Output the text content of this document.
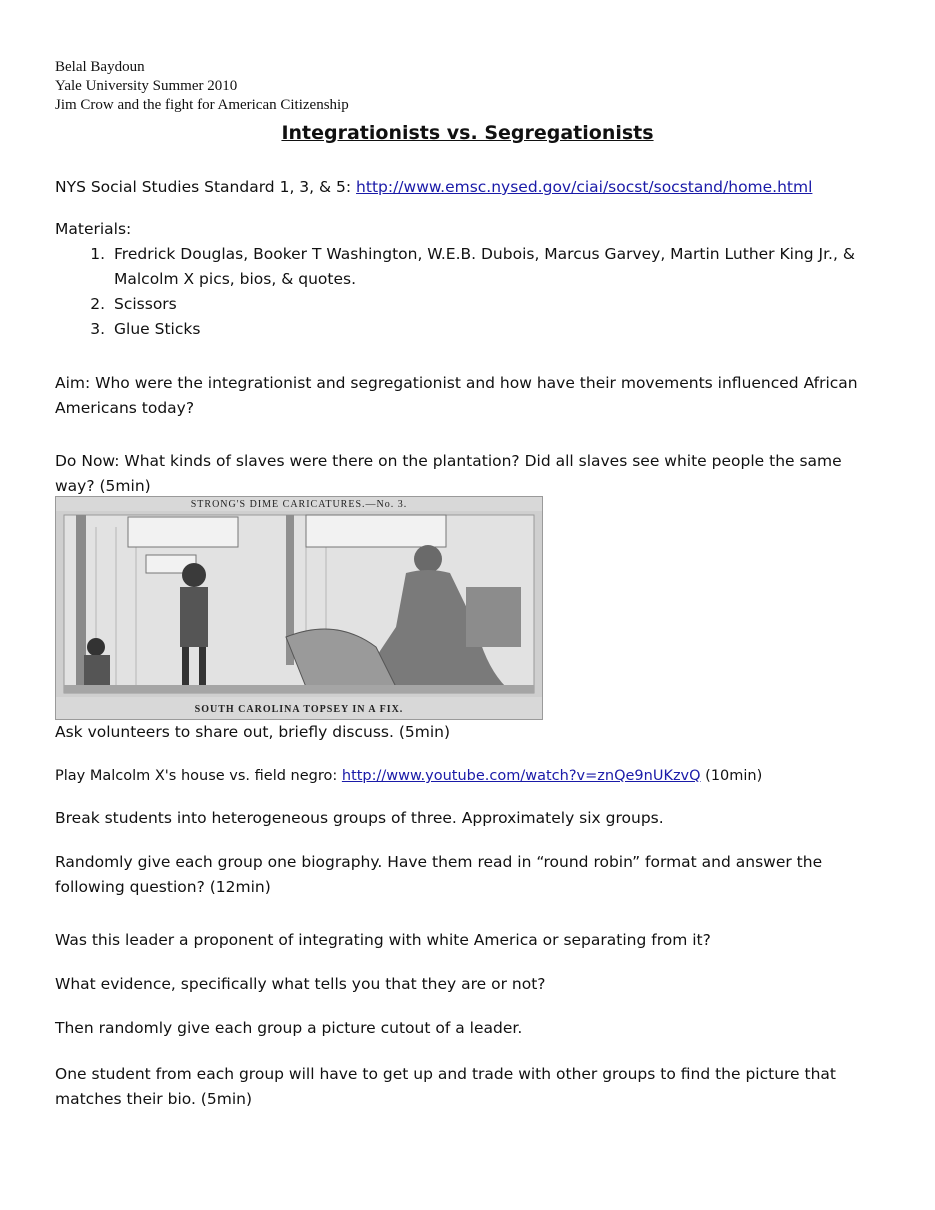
Belal Baydoun
Yale University Summer 2010
Jim Crow and the fight for American Citizenship
Integrationists vs. Segregationists
NYS Social Studies Standard 1, 3, & 5: http://www.emsc.nysed.gov/ciai/socst/socstand/home.html
Materials:
1. Fredrick Douglas, Booker T Washington, W.E.B. Dubois, Marcus Garvey, Martin Luther King Jr., & Malcolm X pics, bios, & quotes.
2. Scissors
3. Glue Sticks
Aim: Who were the integrationist and segregationist and how have their movements influenced African Americans today?
Do Now: What kinds of slaves were there on the plantation? Did all slaves see white people the same way? (5min)
STRONG'S DIME CARICATURES.—No. 3.
SOUTH CAROLINA TOPSEY IN A FIX.
Ask volunteers to share out, briefly discuss. (5min)
Play Malcolm X's house vs. field negro: http://www.youtube.com/watch?v=znQe9nUKzvQ (10min)
Break students into heterogeneous groups of three. Approximately six groups.
Randomly give each group one biography. Have them read in “round robin” format and answer the following question? (12min)
Was this leader a proponent of integrating with white America or separating from it?
What evidence, specifically what tells you that they are or not?
Then randomly give each group a picture cutout of a leader.
One student from each group will have to get up and trade with other groups to find the picture that matches their bio. (5min)
